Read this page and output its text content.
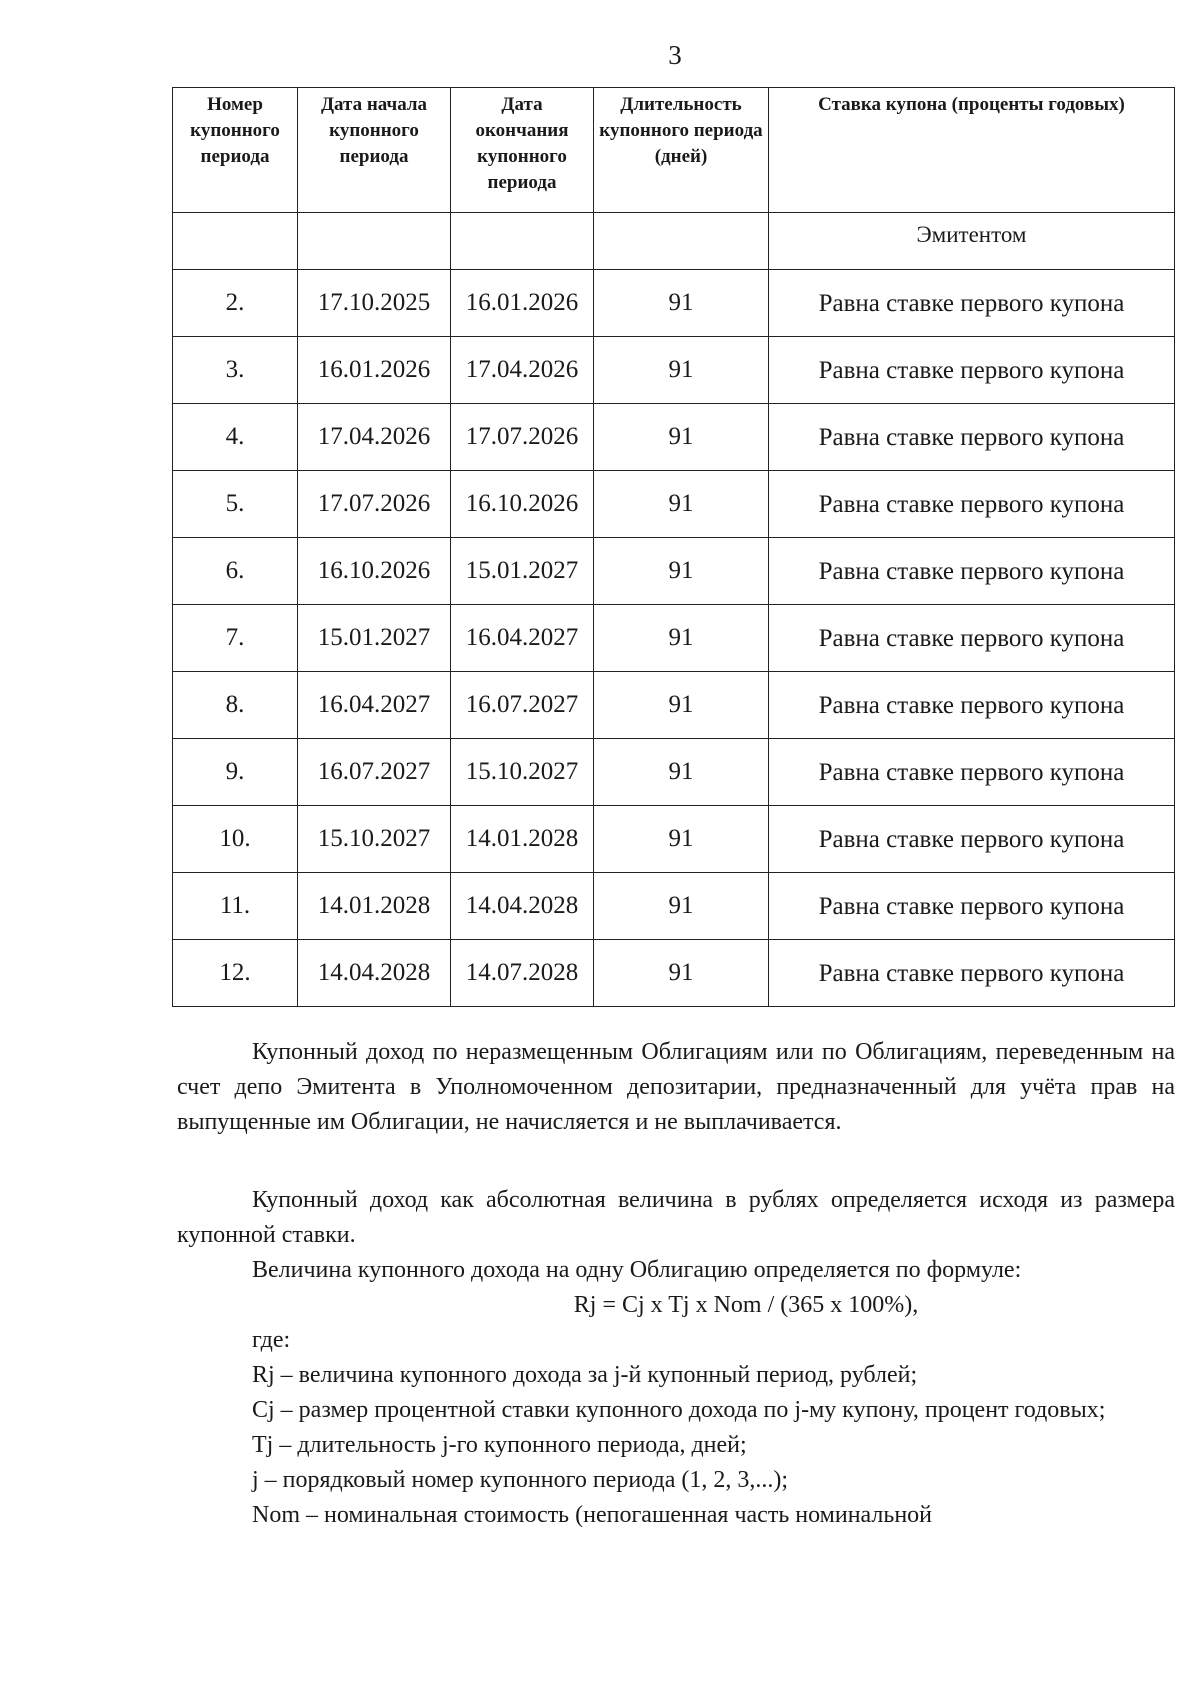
3
Номер купонного периода	Дата начала купонного периода	Дата окончания купонного периода	Длительность купонного периода (дней)	Ставка купона (проценты годовых)
				Эмитентом
2.	17.10.2025	16.01.2026	91	Равна ставке первого купона
3.	16.01.2026	17.04.2026	91	Равна ставке первого купона
4.	17.04.2026	17.07.2026	91	Равна ставке первого купона
5.	17.07.2026	16.10.2026	91	Равна ставке первого купона
6.	16.10.2026	15.01.2027	91	Равна ставке первого купона
7.	15.01.2027	16.04.2027	91	Равна ставке первого купона
8.	16.04.2027	16.07.2027	91	Равна ставке первого купона
9.	16.07.2027	15.10.2027	91	Равна ставке первого купона
10.	15.10.2027	14.01.2028	91	Равна ставке первого купона
11.	14.01.2028	14.04.2028	91	Равна ставке первого купона
12.	14.04.2028	14.07.2028	91	Равна ставке первого купона

Купонный доход по неразмещенным Облигациям или по Облигациям, переведенным на счет депо Эмитента в Уполномоченном депозитарии, предназначенный для учёта прав на выпущенные им Облигации, не начисляется и не выплачивается.

Купонный доход как абсолютная величина в рублях определяется исходя из размера купонной ставки.

Величина купонного дохода на одну Облигацию определяется по формуле:

Rj = Cj x Tj x Nom / (365 x 100%),

где:

Rj – величина купонного дохода за j-й купонный период, рублей;

Cj – размер процентной ставки купонного дохода по j-му купону, процент годовых;

Tj – длительность j-го купонного периода, дней;

j – порядковый номер купонного периода (1, 2, 3,...);

Nom – номинальная стоимость (непогашенная часть номинальной
